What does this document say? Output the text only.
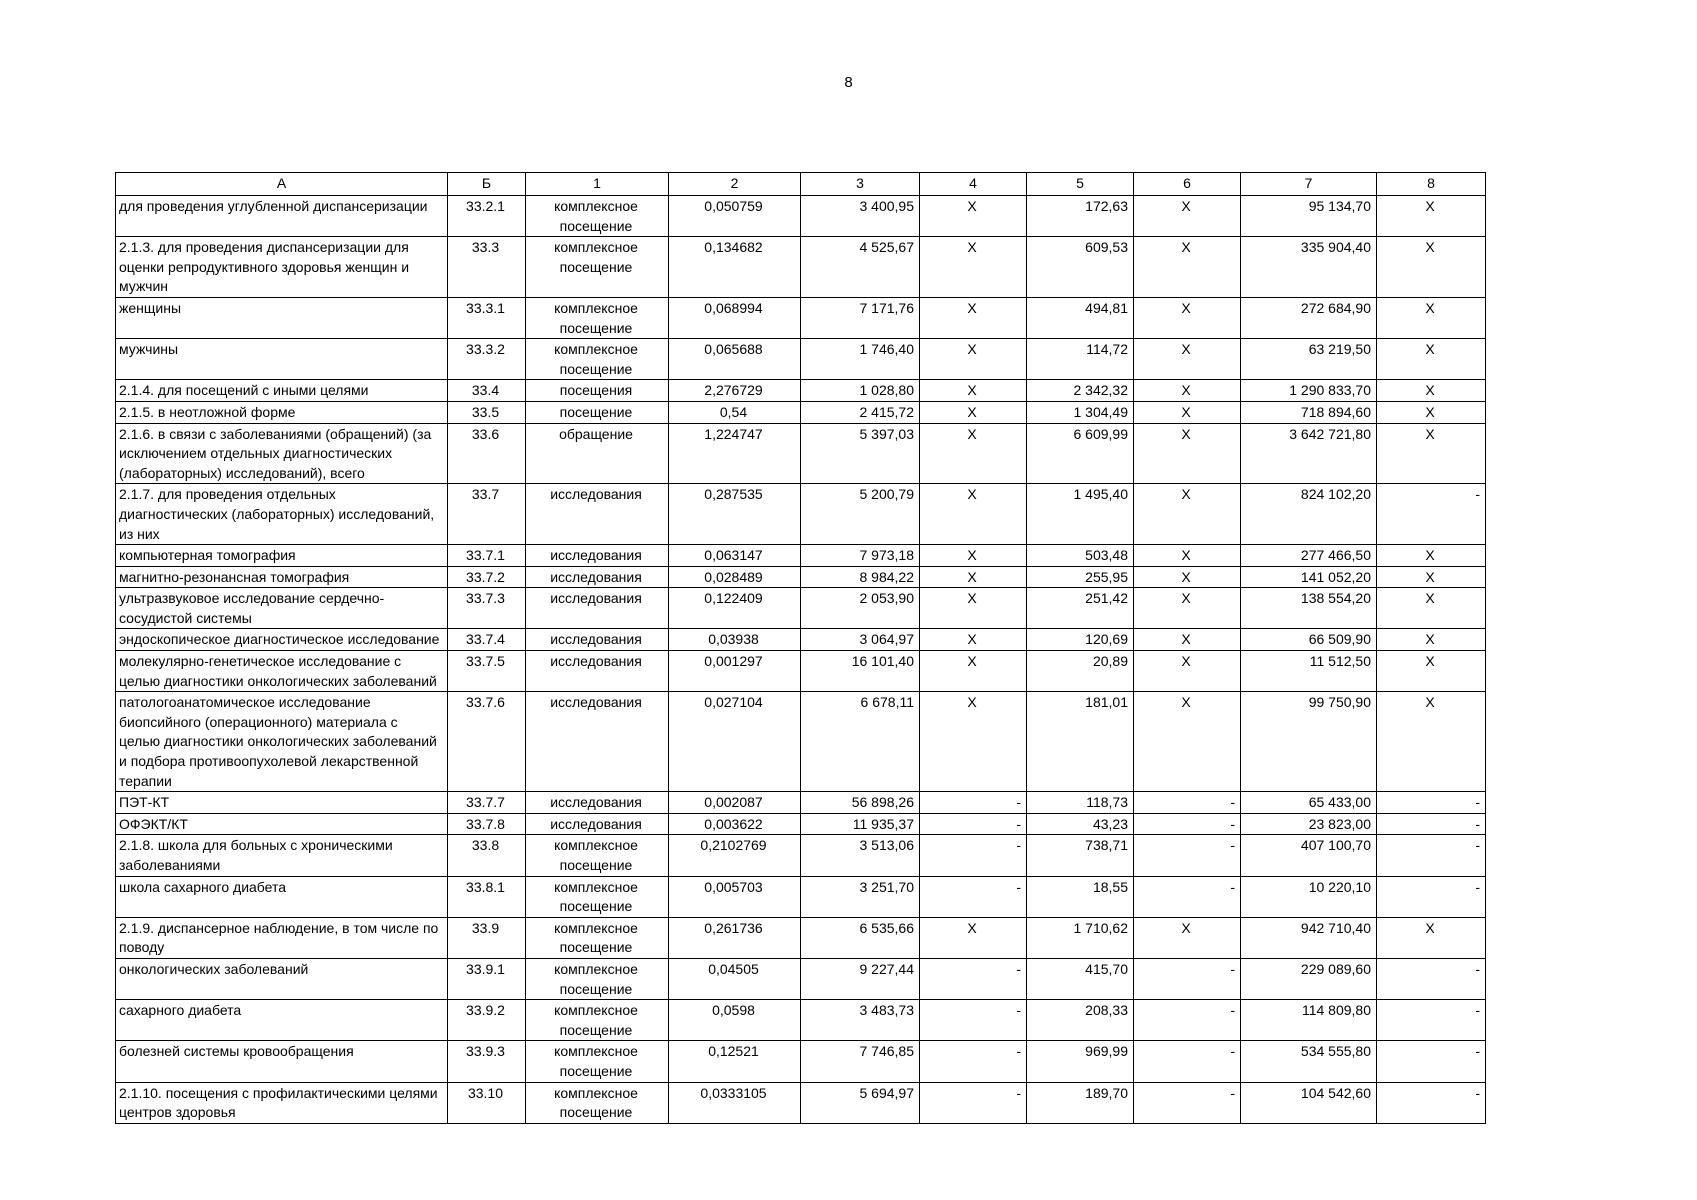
8
А	Б	1	2	3	4	5	6	7	8
для проведения углубленной диспансеризации	33.2.1	комплексное посещение	0,050759	3 400,95	X	172,63	X	95 134,70	X
2.1.3. для проведения диспансеризации для оценки репродуктивного здоровья женщин и мужчин	33.3	комплексное посещение	0,134682	4 525,67	X	609,53	X	335 904,40	X
женщины	33.3.1	комплексное посещение	0,068994	7 171,76	X	494,81	X	272 684,90	X
мужчины	33.3.2	комплексное посещение	0,065688	1 746,40	X	114,72	X	63 219,50	X
2.1.4. для посещений с иными целями	33.4	посещения	2,276729	1 028,80	X	2 342,32	X	1 290 833,70	X
2.1.5. в неотложной форме	33.5	посещение	0,54	2 415,72	X	1 304,49	X	718 894,60	X
2.1.6. в связи с заболеваниями (обращений) (за исключением отдельных диагностических (лабораторных) исследований), всего	33.6	обращение	1,224747	5 397,03	X	6 609,99	X	3 642 721,80	X
2.1.7. для проведения отдельных диагностических (лабораторных) исследований, из них	33.7	исследования	0,287535	5 200,79	X	1 495,40	X	824 102,20	-
компьютерная томография	33.7.1	исследования	0,063147	7 973,18	X	503,48	X	277 466,50	X
магнитно-резонансная томография	33.7.2	исследования	0,028489	8 984,22	X	255,95	X	141 052,20	X
ультразвуковое исследование сердечно-сосудистой системы	33.7.3	исследования	0,122409	2 053,90	X	251,42	X	138 554,20	X
эндоскопическое диагностическое исследование	33.7.4	исследования	0,03938	3 064,97	X	120,69	X	66 509,90	X
молекулярно-генетическое исследование с целью диагностики онкологических заболеваний	33.7.5	исследования	0,001297	16 101,40	X	20,89	X	11 512,50	X
патологоанатомическое исследование биопсийного (операционного) материала с целью диагностики онкологических заболеваний и подбора противоопухолевой лекарственной терапии	33.7.6	исследования	0,027104	6 678,11	X	181,01	X	99 750,90	X
ПЭТ-КТ	33.7.7	исследования	0,002087	56 898,26	-	118,73	-	65 433,00	-
ОФЭКТ/КТ	33.7.8	исследования	0,003622	11 935,37	-	43,23	-	23 823,00	-
2.1.8. школа для больных с хроническими заболеваниями	33.8	комплексное посещение	0,2102769	3 513,06	-	738,71	-	407 100,70	-
школа сахарного диабета	33.8.1	комплексное посещение	0,005703	3 251,70	-	18,55	-	10 220,10	-
2.1.9. диспансерное наблюдение, в том числе по поводу	33.9	комплексное посещение	0,261736	6 535,66	X	1 710,62	X	942 710,40	X
онкологических заболеваний	33.9.1	комплексное посещение	0,04505	9 227,44	-	415,70	-	229 089,60	-
сахарного диабета	33.9.2	комплексное посещение	0,0598	3 483,73	-	208,33	-	114 809,80	-
болезней системы кровообращения	33.9.3	комплексное посещение	0,12521	7 746,85	-	969,99	-	534 555,80	-
2.1.10. посещения с профилактическими целями центров здоровья	33.10	комплексное посещение	0,0333105	5 694,97	-	189,70	-	104 542,60	-
